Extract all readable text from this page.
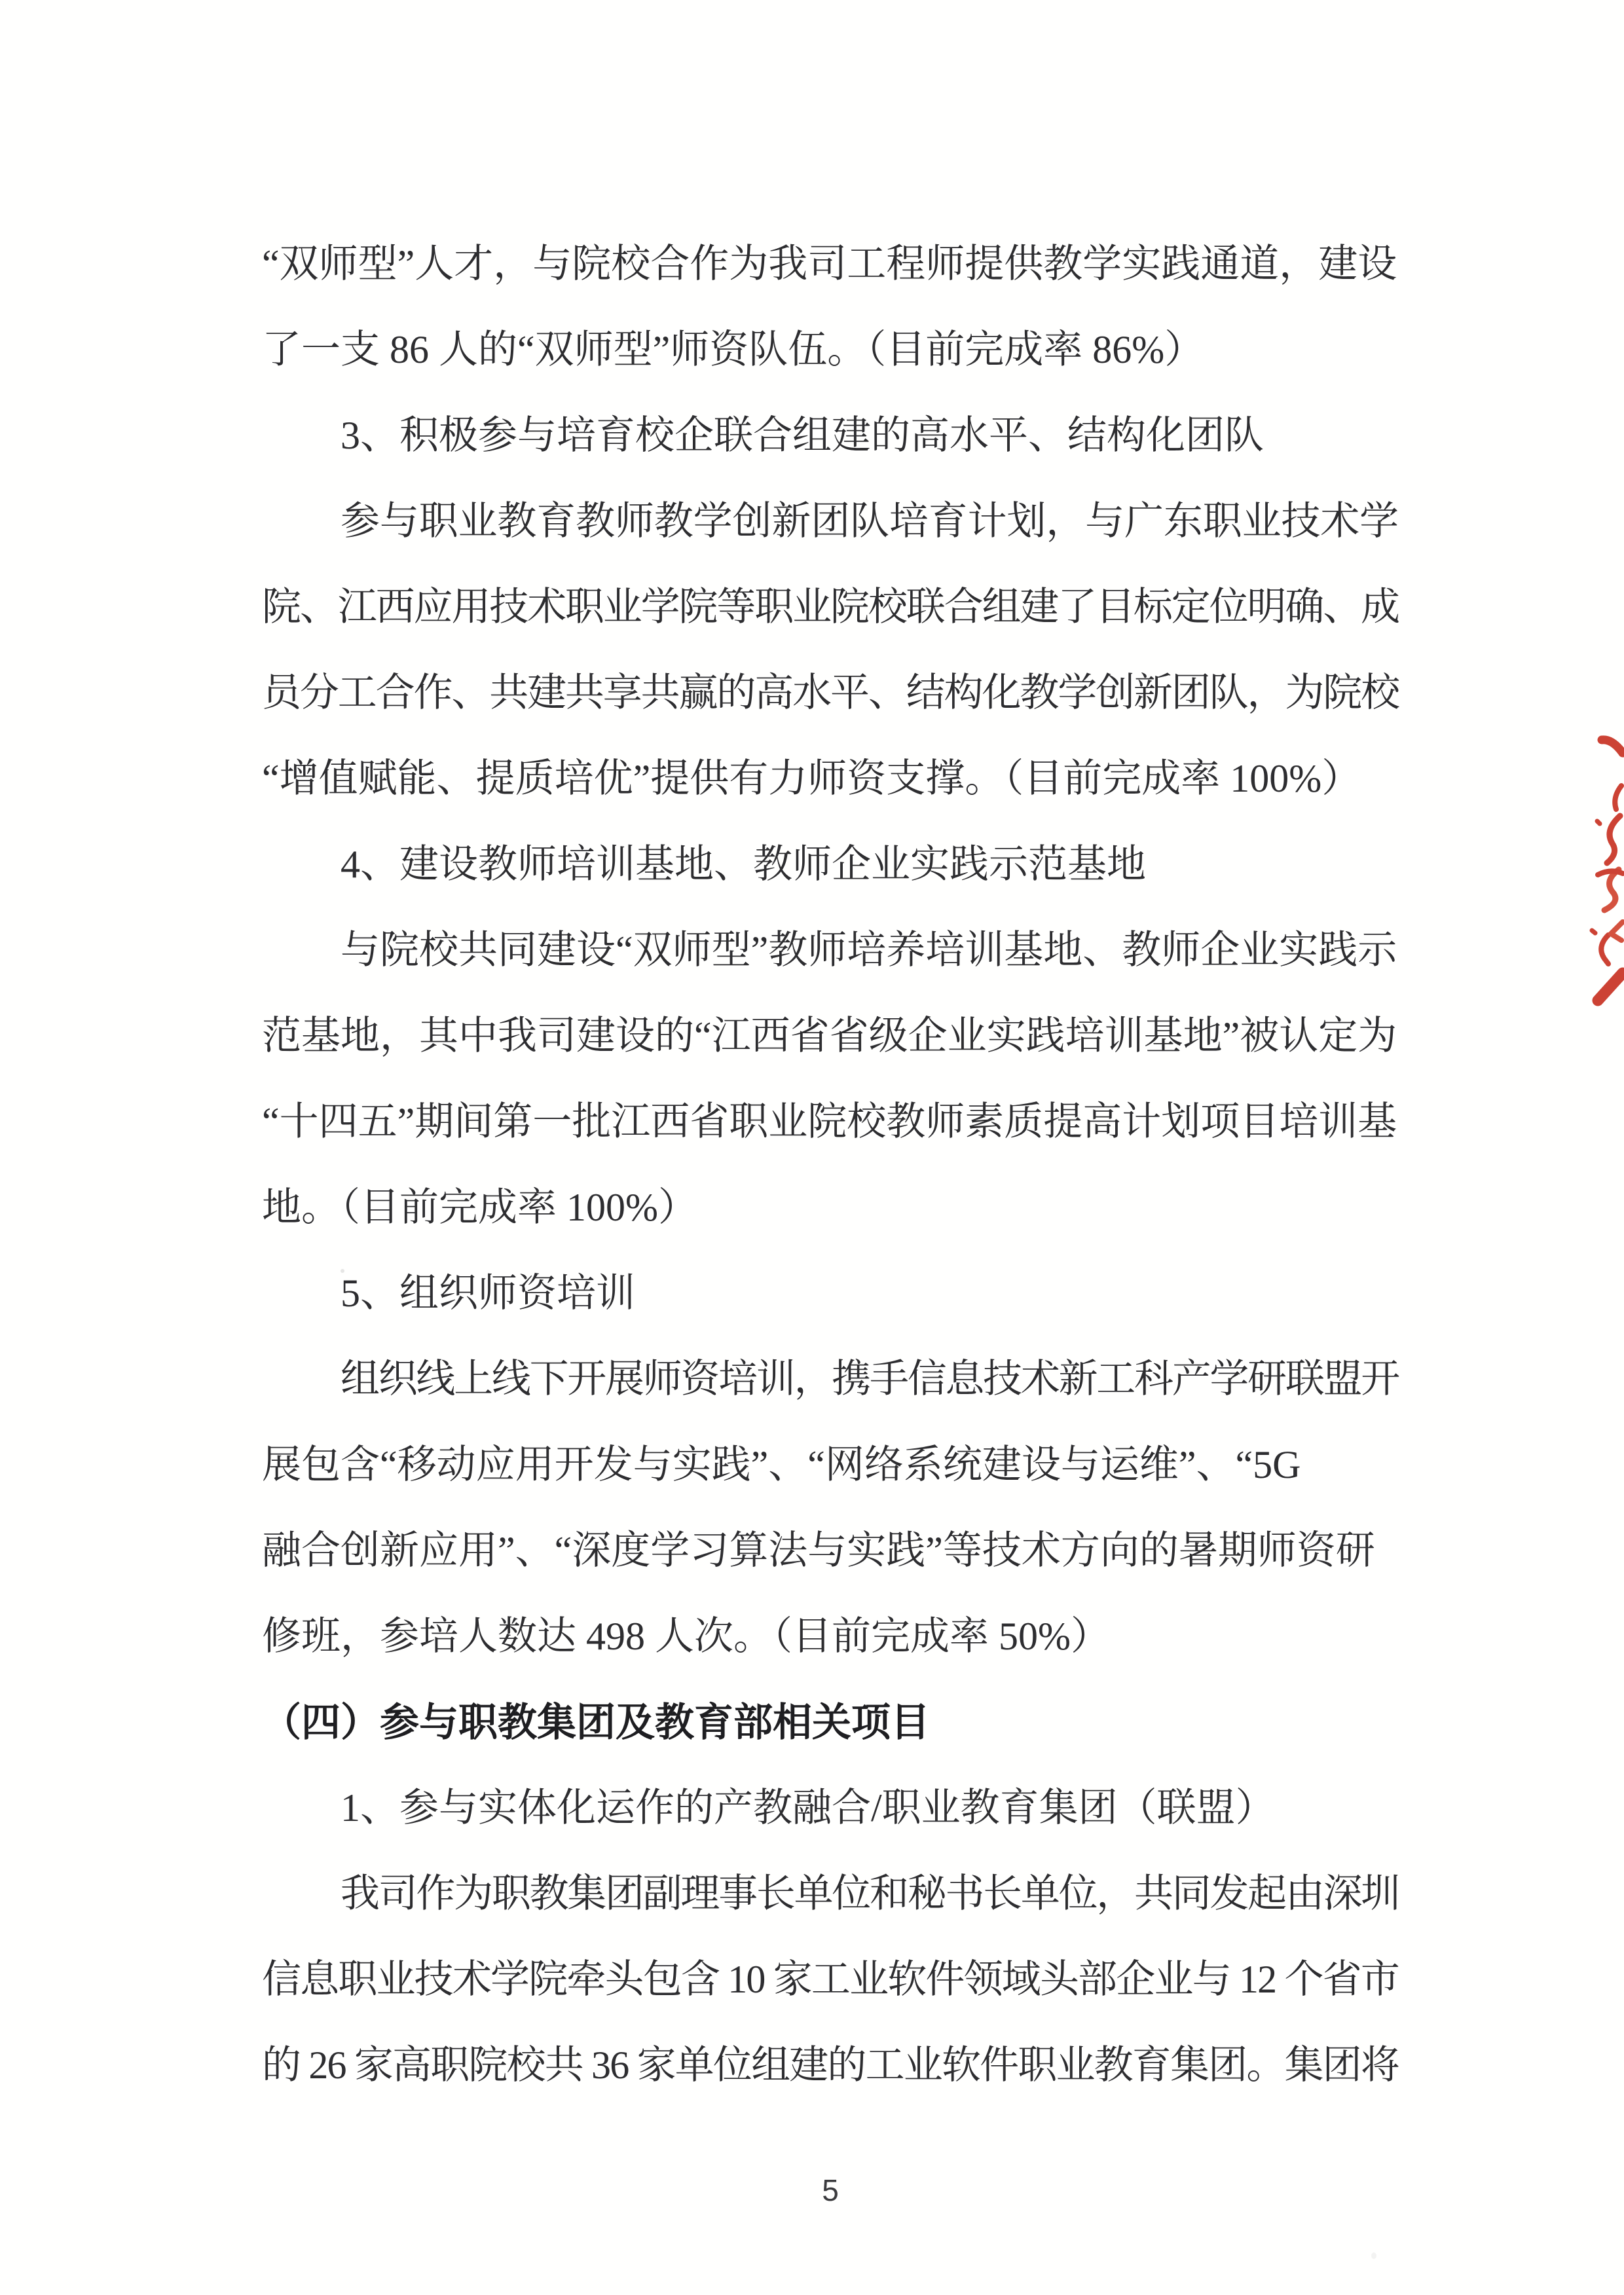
“双师型”人才，与院校合作为我司工程师提供教学实践通道，建设
了一支 86 人的“双师型”师资队伍。（目前完成率 86%）
3、积极参与培育校企联合组建的高水平、结构化团队
参与职业教育教师教学创新团队培育计划，与广东职业技术学
院、江西应用技术职业学院等职业院校联合组建了目标定位明确、成
员分工合作、共建共享共赢的高水平、结构化教学创新团队，为院校
“增值赋能、提质培优”提供有力师资支撑。（目前完成率 100%）
4、建设教师培训基地、教师企业实践示范基地
与院校共同建设“双师型”教师培养培训基地、教师企业实践示
范基地，其中我司建设的“江西省省级企业实践培训基地”被认定为
“十四五”期间第一批江西省职业院校教师素质提高计划项目培训基
地。（目前完成率 100%）
5、组织师资培训
组织线上线下开展师资培训，携手信息技术新工科产学研联盟开
展包含“移动应用开发与实践”、“网络系统建设与运维”、“5G
融合创新应用”、“深度学习算法与实践”等技术方向的暑期师资研
修班，参培人数达 498 人次。（目前完成率 50%）
（四）参与职教集团及教育部相关项目
1、参与实体化运作的产教融合/职业教育集团（联盟）
我司作为职教集团副理事长单位和秘书长单位，共同发起由深圳
信息职业技术学院牵头包含 10 家工业软件领域头部企业与 12 个省市
的 26 家高职院校共 36 家单位组建的工业软件职业教育集团。集团将
5
